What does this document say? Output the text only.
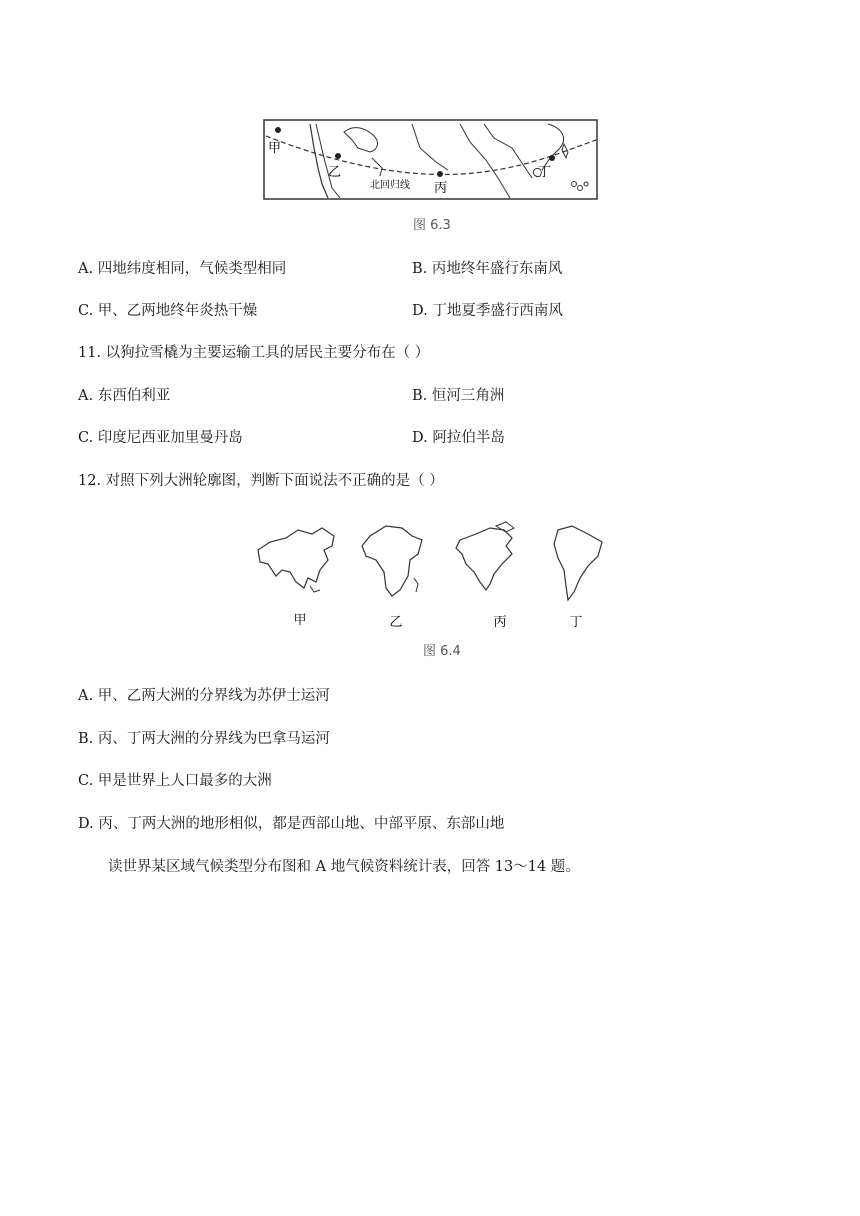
甲
乙
北回归线 丙
丁
图 6.3
A. 四地纬度相同，气候类型相同	B. 丙地终年盛行东南风
C. 甲、乙两地终年炎热干燥	D. 丁地夏季盛行西南风
11. 以狗拉雪橇为主要运输工具的居民主要分布在（ ）
A. 东西伯利亚	B. 恒河三角洲
C. 印度尼西亚加里曼丹岛	D. 阿拉伯半岛
12. 对照下列大洲轮廓图，判断下面说法不正确的是（ ）
甲	乙	丙	丁
图 6.4
A. 甲、乙两大洲的分界线为苏伊士运河
B. 丙、丁两大洲的分界线为巴拿马运河
C. 甲是世界上人口最多的大洲
D. 丙、丁两大洲的地形相似，都是西部山地、中部平原、东部山地
读世界某区域气候类型分布图和 A 地气候资料统计表，回答 13～14 题。
